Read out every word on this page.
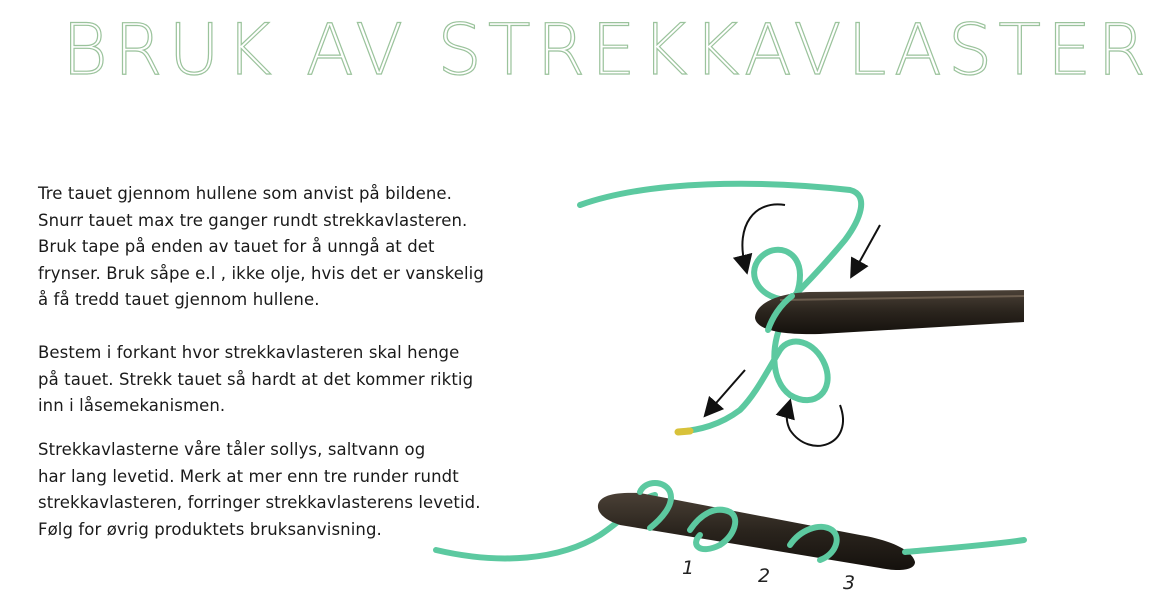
BRUK AV STREKKAVLASTER

Tre tauet gjennom hullene som anvist på bildene.

Snurr tauet max tre ganger rundt strekkavlasteren.

Bruk tape på enden av tauet for å unngå at det

frynser. Bruk såpe e.l , ikke olje, hvis det er vanskelig

å få tredd tauet gjennom hullene.

Bestem i forkant hvor strekkavlasteren skal henge

på tauet. Strekk tauet så hardt at det kommer riktig

inn i låsemekanismen.

Strekkavlasterne våre tåler sollys, saltvann og

har lang levetid. Merk at mer enn tre runder rundt

strekkavlasteren, forringer strekkavlasterens levetid.

Følg for øvrig produktets bruksanvisning.

1	2	3
